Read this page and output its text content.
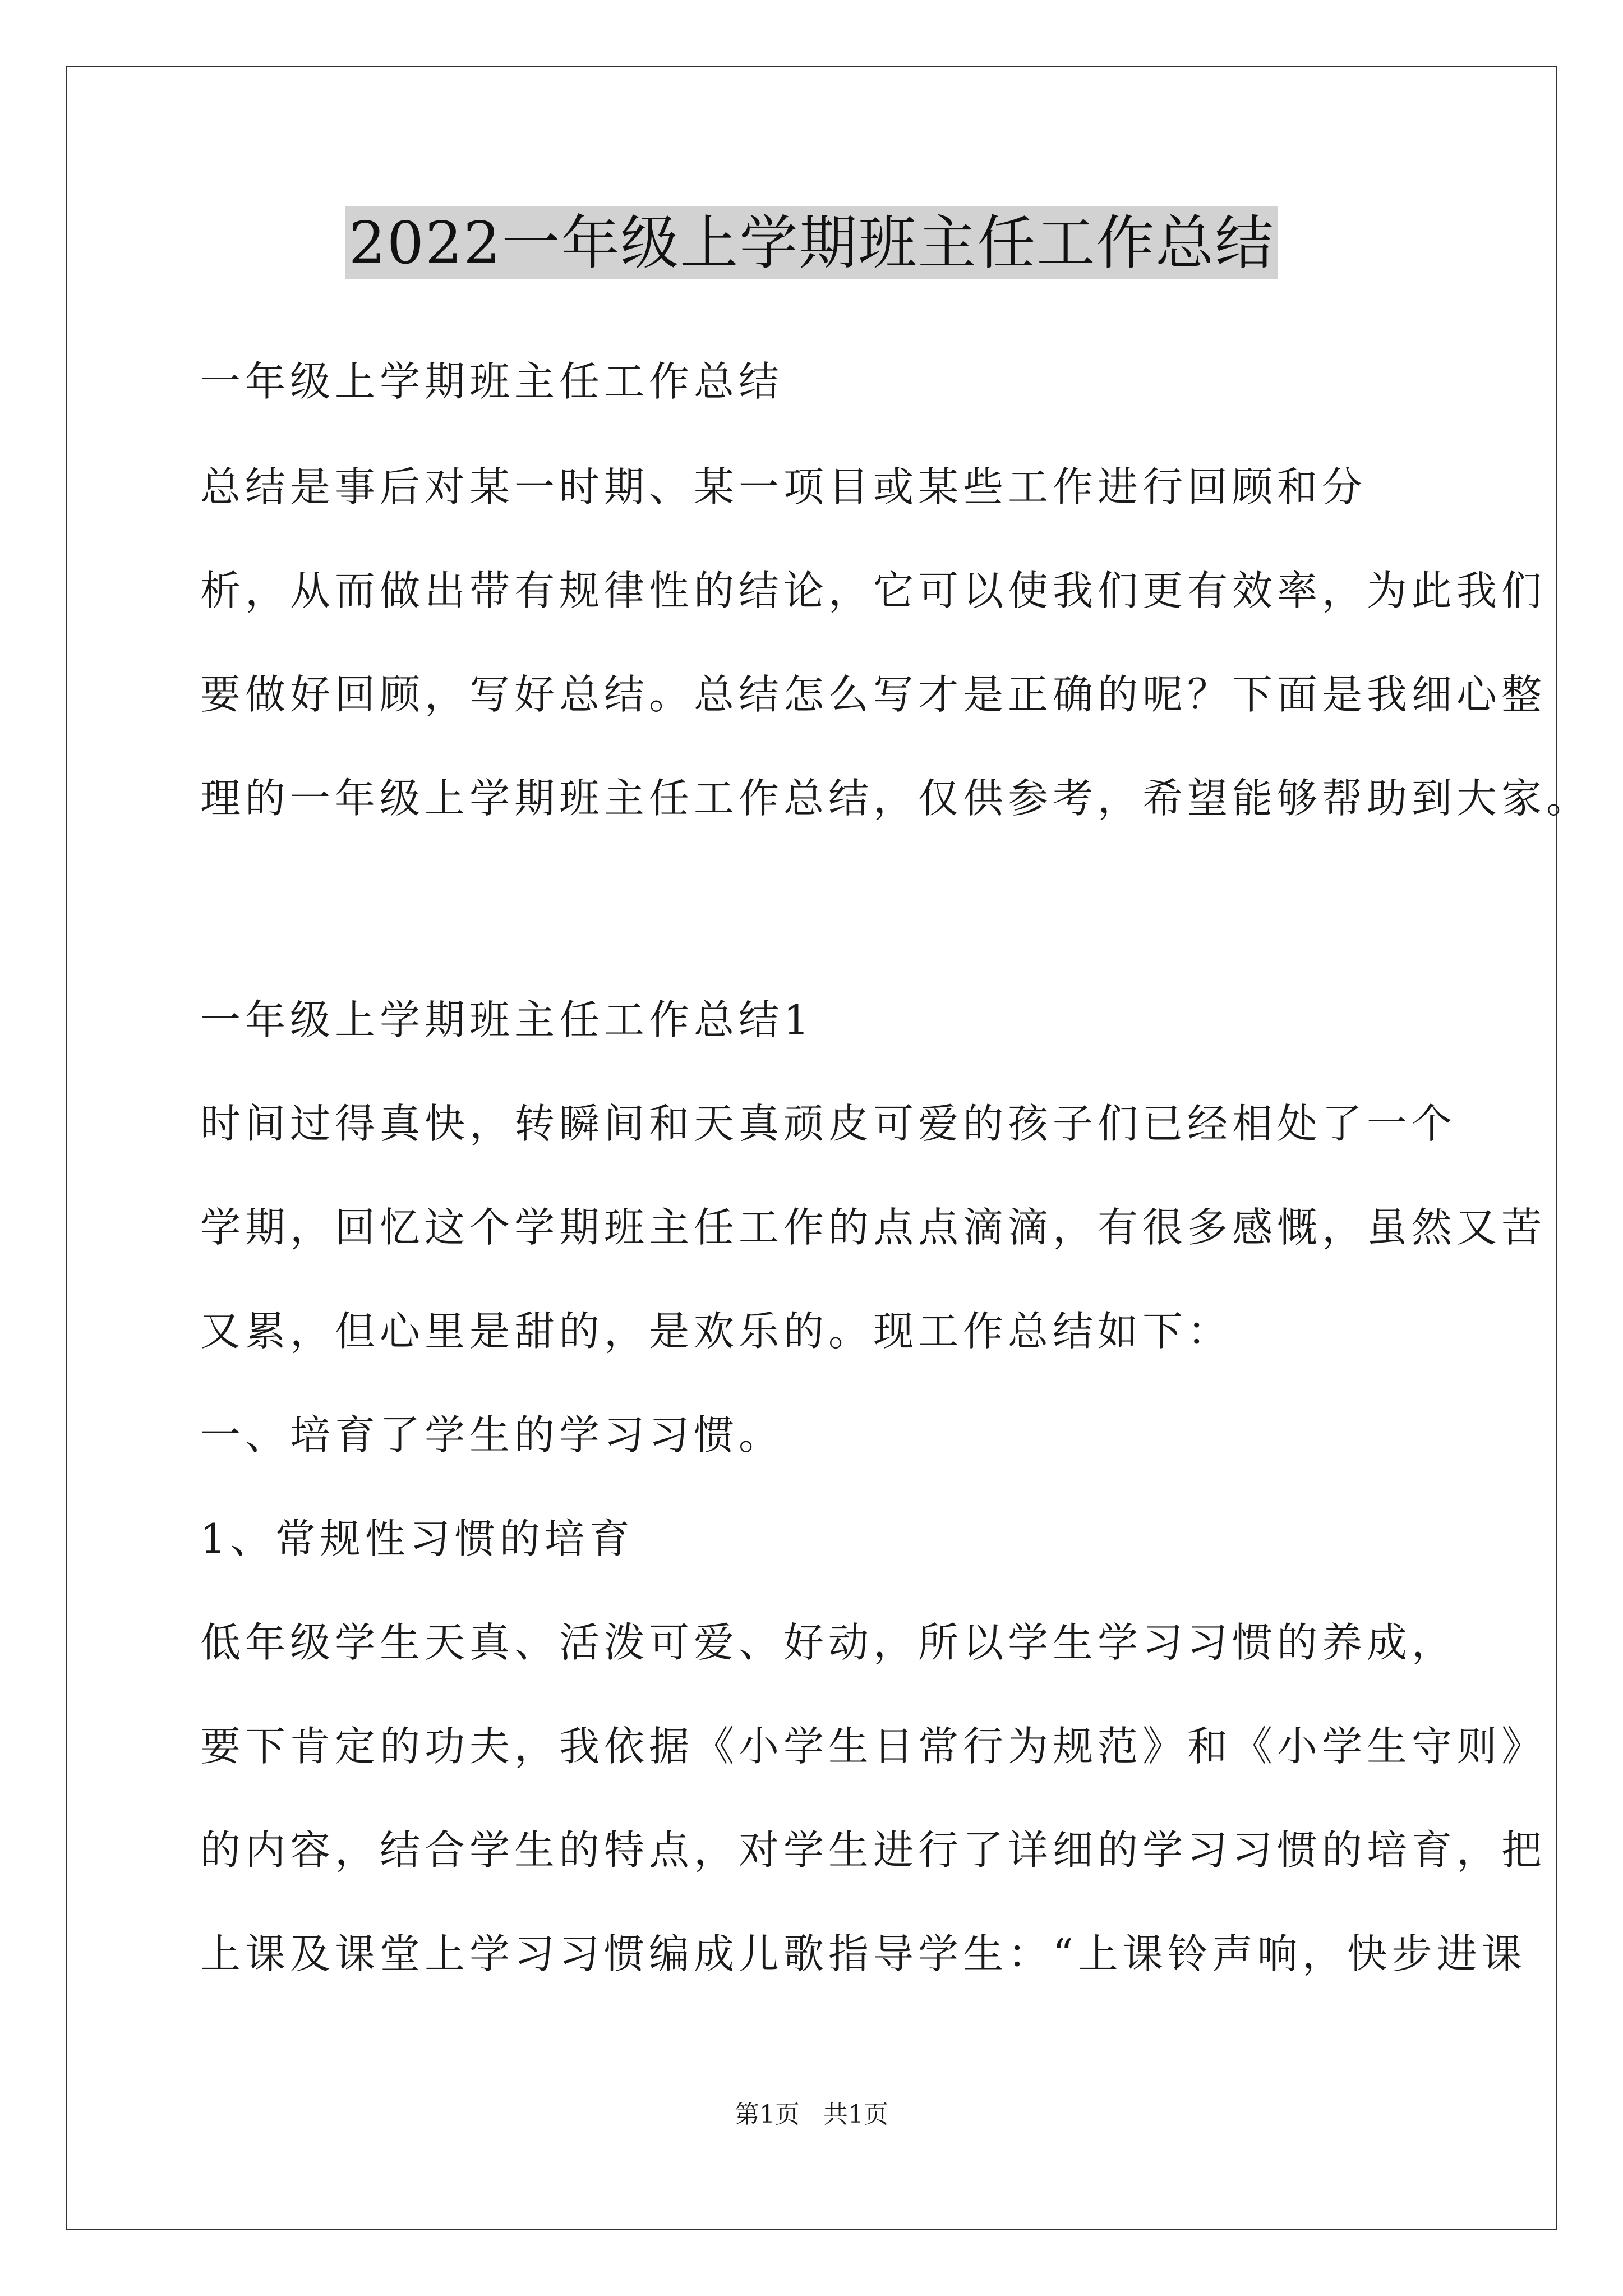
2022一年级上学期班主任工作总结
一年级上学期班主任工作总结
总结是事后对某一时期、某一项目或某些工作进行回顾和分
析，从而做出带有规律性的结论，它可以使我们更有效率，为此我们
要做好回顾，写好总结。总结怎么写才是正确的呢？下面是我细心整
理的一年级上学期班主任工作总结，仅供参考，希望能够帮助到大家。
一年级上学期班主任工作总结1
时间过得真快，转瞬间和天真顽皮可爱的孩子们已经相处了一个
学期，回忆这个学期班主任工作的点点滴滴，有很多感慨，虽然又苦
又累，但心里是甜的，是欢乐的。现工作总结如下：
一、培育了学生的学习习惯。
1、常规性习惯的培育
低年级学生天真、活泼可爱、好动，所以学生学习习惯的养成，
要下肯定的功夫，我依据《小学生日常行为规范》和《小学生守则》
的内容，结合学生的特点，对学生进行了详细的学习习惯的培育，把
上课及课堂上学习习惯编成儿歌指导学生：“上课铃声响，快步进课
第1页   共1页
